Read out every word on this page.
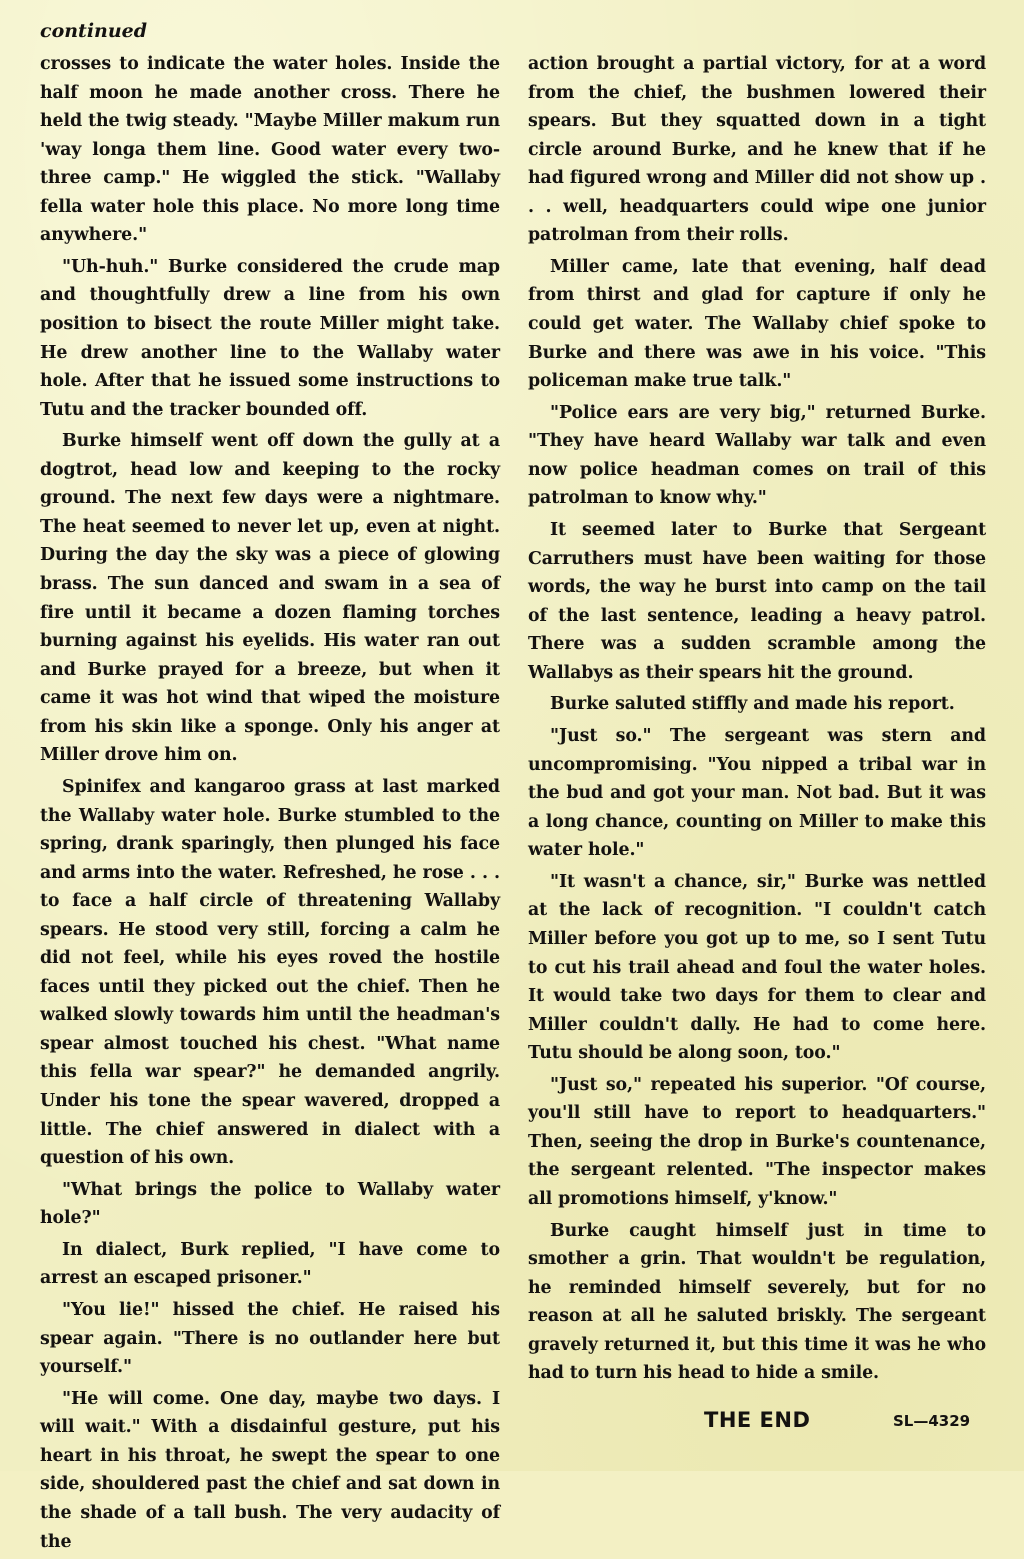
continued

crosses to indicate the water holes. Inside the half moon he made another cross. There he held the twig steady. "Maybe Miller makum run 'way longa them line. Good water every two-three camp." He wiggled the stick. "Wallaby fella water hole this place. No more long time anywhere."

"Uh-huh." Burke considered the crude map and thoughtfully drew a line from his own position to bisect the route Miller might take. He drew another line to the Wallaby water hole. After that he issued some instructions to Tutu and the tracker bounded off.

Burke himself went off down the gully at a dogtrot, head low and keeping to the rocky ground. The next few days were a nightmare. The heat seemed to never let up, even at night. During the day the sky was a piece of glowing brass. The sun danced and swam in a sea of fire until it became a dozen flaming torches burning against his eyelids. His water ran out and Burke prayed for a breeze, but when it came it was hot wind that wiped the moisture from his skin like a sponge. Only his anger at Miller drove him on.

Spinifex and kangaroo grass at last marked the Wallaby water hole. Burke stumbled to the spring, drank sparingly, then plunged his face and arms into the water. Refreshed, he rose . . . to face a half circle of threatening Wallaby spears. He stood very still, forcing a calm he did not feel, while his eyes roved the hostile faces until they picked out the chief. Then he walked slowly towards him until the headman's spear almost touched his chest. "What name this fella war spear?" he demanded angrily. Under his tone the spear wavered, dropped a little. The chief answered in dialect with a question of his own.

"What brings the police to Wallaby water hole?"

In dialect, Burk replied, "I have come to arrest an escaped prisoner."

"You lie!" hissed the chief. He raised his spear again. "There is no outlander here but yourself."

"He will come. One day, maybe two days. I will wait." With a disdainful gesture, put his heart in his throat, he swept the spear to one side, shouldered past the chief and sat down in the shade of a tall bush. The very audacity of the

action brought a partial victory, for at a word from the chief, the bushmen lowered their spears. But they squatted down in a tight circle around Burke, and he knew that if he had figured wrong and Miller did not show up . . . well, headquarters could wipe one junior patrolman from their rolls.

Miller came, late that evening, half dead from thirst and glad for capture if only he could get water. The Wallaby chief spoke to Burke and there was awe in his voice. "This policeman make true talk."

"Police ears are very big," returned Burke. "They have heard Wallaby war talk and even now police headman comes on trail of this patrolman to know why."

It seemed later to Burke that Sergeant Carruthers must have been waiting for those words, the way he burst into camp on the tail of the last sentence, leading a heavy patrol. There was a sudden scramble among the Wallabys as their spears hit the ground.

Burke saluted stiffly and made his report.

"Just so." The sergeant was stern and uncompromising. "You nipped a tribal war in the bud and got your man. Not bad. But it was a long chance, counting on Miller to make this water hole."

"It wasn't a chance, sir," Burke was nettled at the lack of recognition. "I couldn't catch Miller before you got up to me, so I sent Tutu to cut his trail ahead and foul the water holes. It would take two days for them to clear and Miller couldn't dally. He had to come here. Tutu should be along soon, too."

"Just so," repeated his superior. "Of course, you'll still have to report to headquarters." Then, seeing the drop in Burke's countenance, the sergeant relented. "The inspector makes all promotions himself, y'know."

Burke caught himself just in time to smother a grin. That wouldn't be regulation, he reminded himself severely, but for no reason at all he saluted briskly. The sergeant gravely returned it, but this time it was he who had to turn his head to hide a smile.

THE END	SL—4329
